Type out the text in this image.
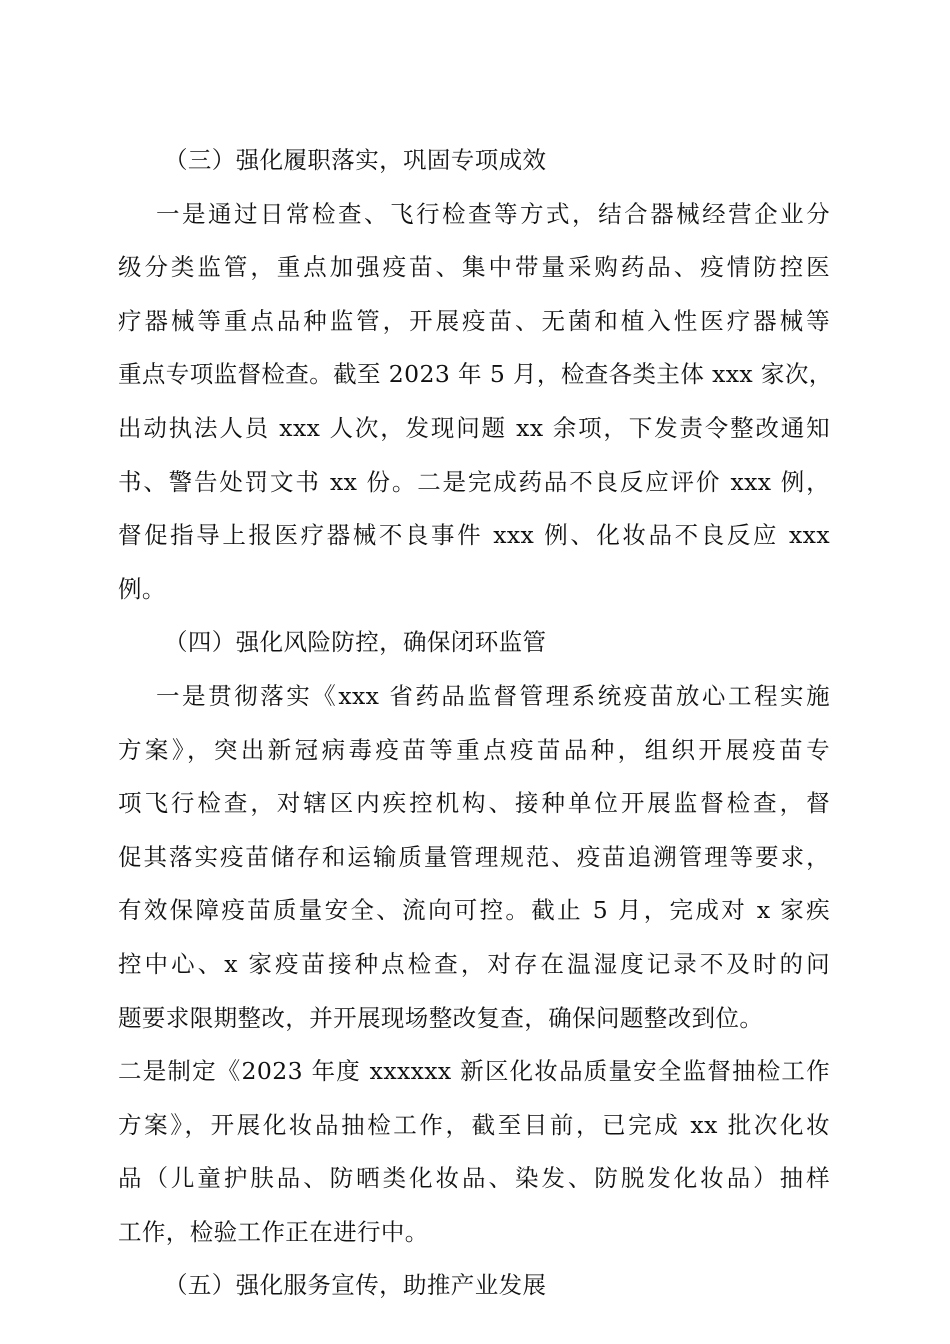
（三）强化履职落实，巩固专项成效

一是通过日常检查、飞行检查等方式，结合器械经营企业分
级分类监管，重点加强疫苗、集中带量采购药品、疫情防控医
疗器械等重点品种监管，开展疫苗、无菌和植入性医疗器械等
重点专项监督检查。截至 2023 年 5 月，检查各类主体 xxx 家次，
出动执法人员 xxx 人次，发现问题 xx 余项，下发责令整改通知
书、警告处罚文书 xx 份。二是完成药品不良反应评价 xxx 例，
督促指导上报医疗器械不良事件 xxx 例、化妆品不良反应 xxx
例。

（四）强化风险防控，确保闭环监管

一是贯彻落实《xxx 省药品监督管理系统疫苗放心工程实施
方案》，突出新冠病毒疫苗等重点疫苗品种，组织开展疫苗专
项飞行检查，对辖区内疾控机构、接种单位开展监督检查，督
促其落实疫苗储存和运输质量管理规范、疫苗追溯管理等要求，
有效保障疫苗质量安全、流向可控。截止 5 月，完成对 x 家疾
控中心、x 家疫苗接种点检查，对存在温湿度记录不及时的问
题要求限期整改，并开展现场整改复查，确保问题整改到位。
二是制定《2023 年度 xxxxxx 新区化妆品质量安全监督抽检工作
方案》，开展化妆品抽检工作，截至目前，已完成 xx 批次化妆
品（儿童护肤品、防晒类化妆品、染发、防脱发化妆品）抽样
工作，检验工作正在进行中。

（五）强化服务宣传，助推产业发展
